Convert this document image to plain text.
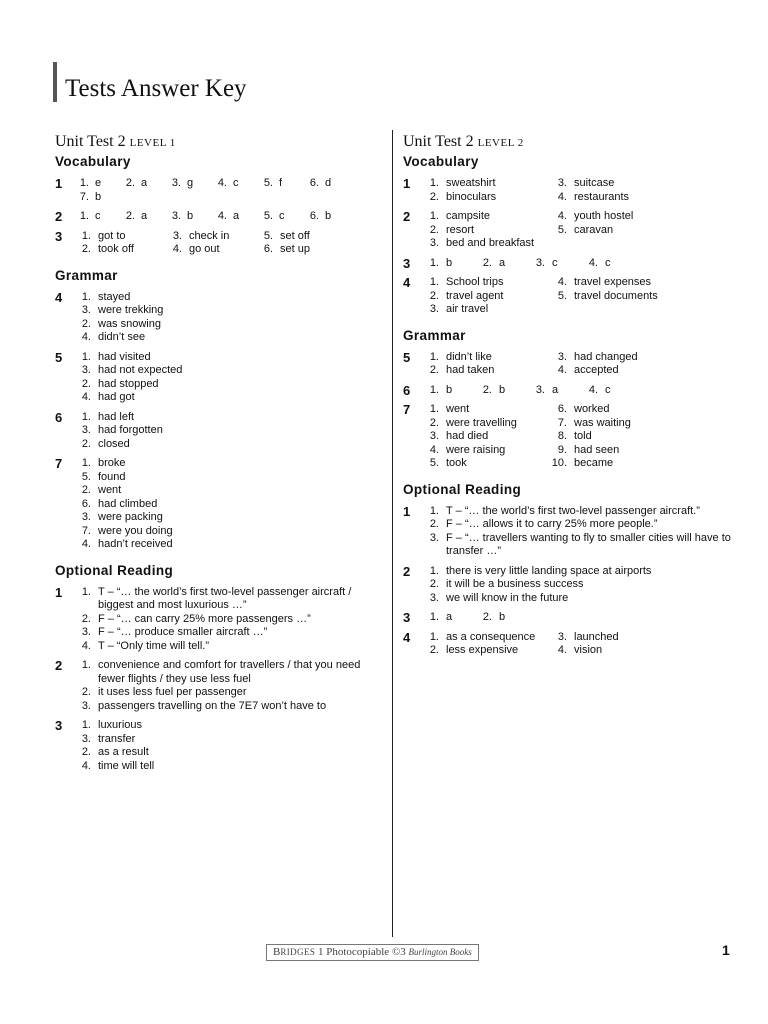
Tests Answer Key
Unit Test 2 LEVEL 1
Vocabulary
1	1. e	2. a	3. g	4. c	5. f	6. d
7. b
2	1. c	2. a	3. b	4. a	5. c	6. b
3	1. got to	3. check in	5. set off
2. took off	4. go out	6. set up
Grammar
4	1. stayed
3. were trekking
2. was snowing
4. didn’t see
5	1. had visited
3. had not expected
2. had stopped
4. had got
6	1. had left
3. had forgotten
2. closed
7	1. broke
5. found
2. went
6. had climbed
3. were packing
7. were you doing
4. hadn’t received
Optional Reading
1	1. T – “… the world’s first two-level passenger aircraft / biggest and most luxurious …”
2. F – “… can carry 25% more passengers …”
3. F – “… produce smaller aircraft …”
4. T – “Only time will tell.”
2	1. convenience and comfort for travellers / that you need fewer flights / they use less fuel
2. it uses less fuel per passenger
3. passengers travelling on the 7E7 won’t have to
3	1. luxurious
3. transfer
2. as a result
4. time will tell
Unit Test 2 LEVEL 2
Vocabulary
1	1. sweatshirt	3. suitcase
2. binoculars	4. restaurants
2	1. campsite	4. youth hostel
2. resort	5. caravan
3. bed and breakfast
3	1. b	2. a	3. c	4. c
4	1. School trips	4. travel expenses
2. travel agent	5. travel documents
3. air travel
Grammar
5	1. didn’t like	3. had changed
2. had taken	4. accepted
6	1. b	2. b	3. a	4. c
7	1. went	6. worked
2. were travelling	7. was waiting
3. had died	8. told
4. were raising	9. had seen
5. took	10. became
Optional Reading
1	1. T – “… the world’s first two-level passenger aircraft.”
2. F – “… allows it to carry 25% more people.”
3. F – “… travellers wanting to fly to smaller cities will have to transfer …”
2	1. there is very little landing space at airports
2. it will be a business success
3. we will know in the future
3	1. a	2. b
4	1. as a consequence	3. launched
2. less expensive	4. vision
BRIDGES 1 Photocopiable ©3 Burlington Books	1
